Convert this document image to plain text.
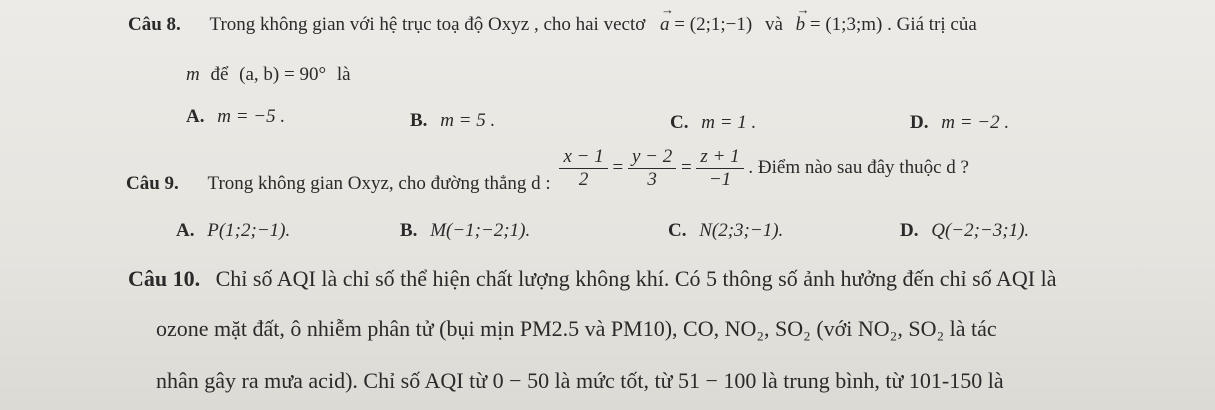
Câu 8. Trong không gian với hệ trục toạ độ Oxyz , cho hai vectơ → a = (2;1;−1) và → b = (1;3;m) . Giá trị của
m để (a, b) = 90° là
A. m = −5 .	B. m = 5 .	C. m = 1 .	D. m = −2 .
Câu 9. Trong không gian Oxyz, cho đường thẳng d : $\frac{x - 1}{2} = \frac{y - 2}{3} = \frac{z + 1}{-1}$ . Điểm nào sau đây thuộc d ?
A. P(1;2;−1).	B. M(−1;−2;1).	C. N(2;3;−1).	D. Q(−2;−3;1).
Câu 10. Chỉ số AQI là chỉ số thể hiện chất lượng không khí. Có 5 thông số ảnh hưởng đến chỉ số AQI là
ozone mặt đất, ô nhiễm phân tử (bụi mịn PM2.5 và PM10), CO, NO₂, SO₂ (với NO₂, SO₂ là tác
nhân gây ra mưa acid). Chỉ số AQI từ 0 − 50 là mức tốt, từ 51 − 100 là trung bình, từ 101-150 là
